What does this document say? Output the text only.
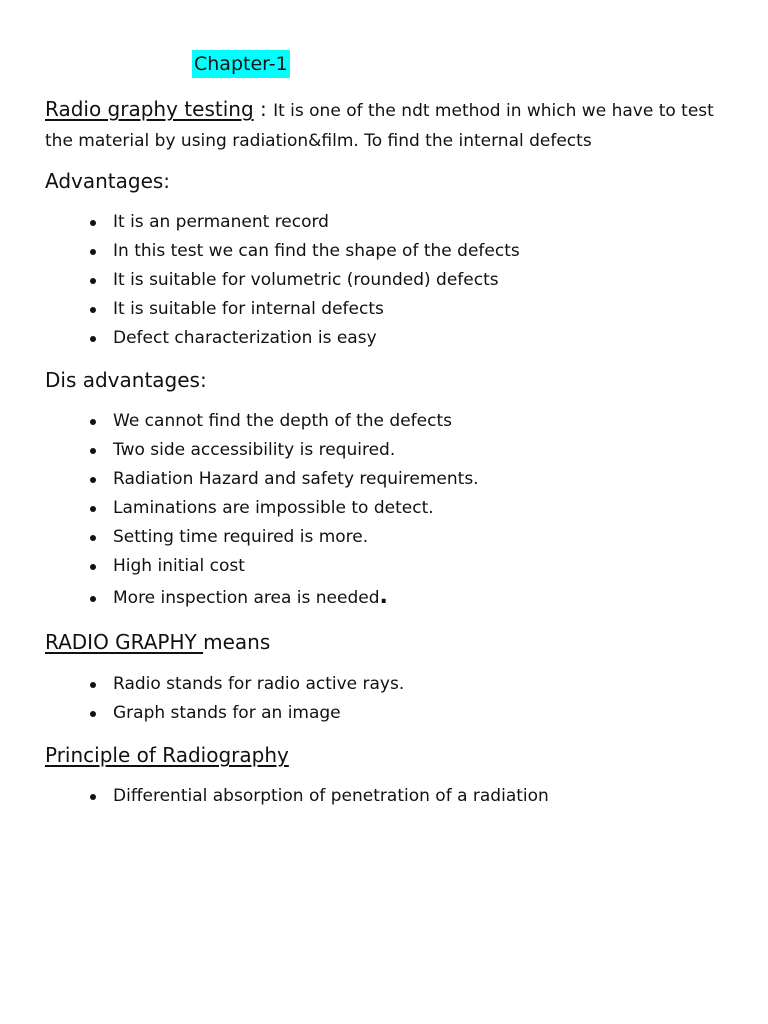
Chapter-1
Radio graphy testing : It is one of the ndt method in which we have to test the material by using radiation&film. To find the internal defects
Advantages:
It is an permanent record
In this test we can find the shape of the defects
It is suitable for volumetric (rounded) defects
It is suitable for internal defects
Defect characterization is easy
Dis advantages:
We cannot find the depth of the defects
Two side accessibility is required.
Radiation Hazard and safety requirements.
Laminations are impossible to detect.
Setting time required is more.
High initial cost
More inspection area is needed.
RADIO GRAPHY means
Radio stands for radio active rays.
Graph stands for an image
Principle of Radiography
Differential absorption of penetration of a radiation
